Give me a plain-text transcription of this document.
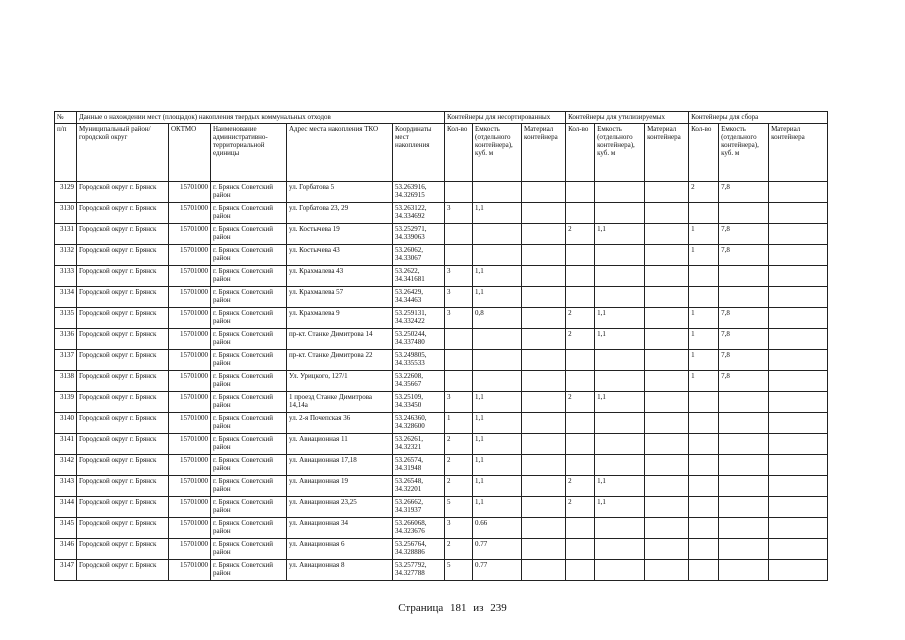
№	Данные о нахождении мест (площадок) накопления твердых коммунальных отходов					Контейнеры для несортированных			Контейнеры для утилизируемых			Контейнеры для сбора		
п/п	Муниципальный район/городской округ	ОКТМО	Наименование административно-территориальной единицы	Адрес места накопления ТКО	Координаты мест накопления	Кол-во	Емкость (отдельного контейнера), куб. м	Материал контейнера	Кол-во	Емкость (отдельного контейнера), куб. м	Материал контейнера	Кол-во	Емкость (отдельного контейнера), куб. м	Материал контейнера
3129	Городской округ г. Брянск	15701000	г. Брянск Советский район	ул. Горбатова 5	53.263916, 34.326915							2	7,8	
3130	Городской округ г. Брянск	15701000	г. Брянск Советский район	ул. Горбатова 23, 29	53.263122, 34.334692	3	1,1							
3131	Городской округ г. Брянск	15701000	г. Брянск Советский район	ул. Костычева 19	53.252971, 34.339063				2	1,1		1	7,8	
3132	Городской округ г. Брянск	15701000	г. Брянск Советский район	ул. Костычева 43	53.26062, 34.33067							1	7,8	
3133	Городской округ г. Брянск	15701000	г. Брянск Советский район	ул. Крахмалева 43	53.2622, 34.341681	3	1,1							
3134	Городской округ г. Брянск	15701000	г. Брянск Советский район	ул. Крахмалева 57	53.26429, 34.34463	3	1,1							
3135	Городской округ г. Брянск	15701000	г. Брянск Советский район	ул. Крахмалева 9	53.259131, 34.332422	3	0,8		2	1,1		1	7,8	
3136	Городской округ г. Брянск	15701000	г. Брянск Советский район	пр-кт. Станке Димитрова 14	53.250244, 34.337480				2	1,1		1	7,8	
3137	Городской округ г. Брянск	15701000	г. Брянск Советский район	пр-кт. Станке Димитрова 22	53.249805, 34.335533							1	7,8	
3138	Городской округ г. Брянск	15701000	г. Брянск Советский район	Ул. Урицкого, 127/1	53.22608, 34.35667							1	7,8	
3139	Городской округ г. Брянск	15701000	г. Брянск Советский район	1 проезд Станке Димитрова 14,14а	53.25109, 34.33450	3	1,1		2	1,1				
3140	Городской округ г. Брянск	15701000	г. Брянск Советский район	ул. 2-я Почепская 36	53.246360, 34.328600	1	1,1							
3141	Городской округ г. Брянск	15701000	г. Брянск Советский район	ул. Авиационная 11	53.26261, 34.32321	2	1,1							
3142	Городской округ г. Брянск	15701000	г. Брянск Советский район	ул. Авиационная 17,18	53.26574, 34.31948	2	1,1							
3143	Городской округ г. Брянск	15701000	г. Брянск Советский район	ул. Авиационная 19	53.26548, 34.32201	2	1,1		2	1,1				
3144	Городской округ г. Брянск	15701000	г. Брянск Советский район	ул. Авиационная 23,25	53.26662, 34.31937	5	1,1		2	1,1				
3145	Городской округ г. Брянск	15701000	г. Брянск Советский район	ул. Авиационная 34	53.266068, 34.323676	3	0.66							
3146	Городской округ г. Брянск	15701000	г. Брянск Советский район	ул. Авиационная 6	53.256764, 34.328886	2	0.77							
3147	Городской округ г. Брянск	15701000	г. Брянск Советский район	ул. Авиационная 8	53.257792, 34.327788	5	0.77							
Страница 181 из 239
